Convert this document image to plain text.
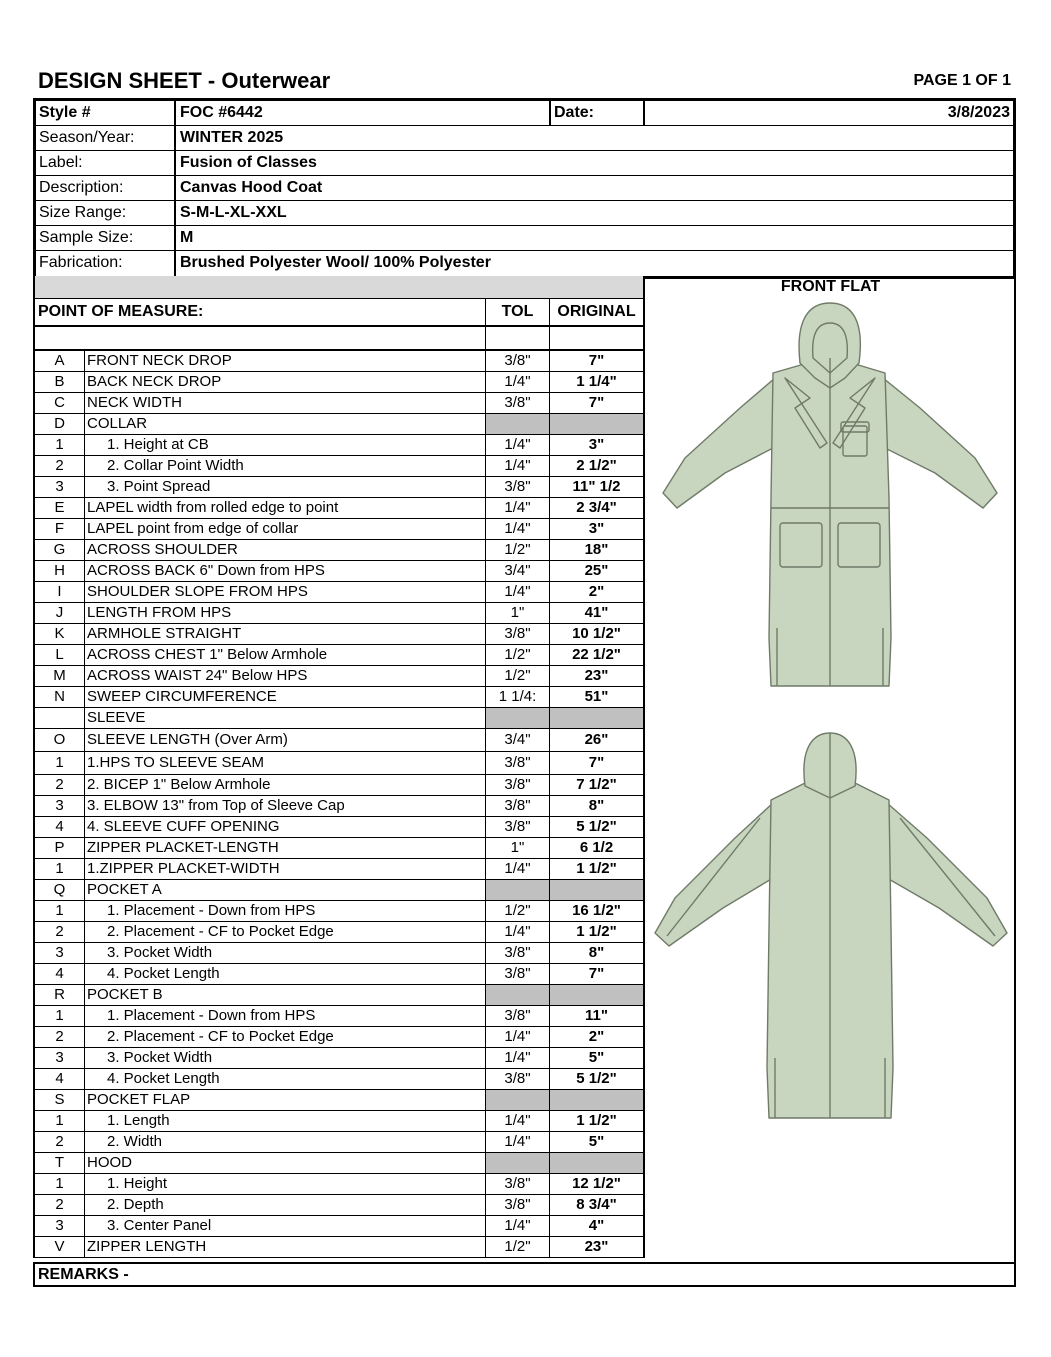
DESIGN SHEET - Outerwear	PAGE 1 OF 1
Style #	FOC #6442	Date:	3/8/2023
Season/Year:	WINTER 2025
Label:	Fusion of Classes
Description:	Canvas Hood Coat
Size Range:	S-M-L-XL-XXL
Sample Size:	M
Fabrication:	Brushed Polyester Wool/ 100% Polyester
POINT OF MEASURE:	TOL	ORIGINAL
A	FRONT NECK DROP	3/8"	7"
B	BACK NECK DROP	1/4"	1 1/4"
C	NECK WIDTH	3/8"	7"
D	COLLAR
1	1. Height at CB	1/4"	3"
2	2. Collar Point Width	1/4"	2 1/2"
3	3. Point Spread	3/8"	11" 1/2
E	LAPEL width from rolled edge to point	1/4"	2 3/4"
F	LAPEL point from edge of collar	1/4"	3"
G	ACROSS SHOULDER	1/2"	18"
H	ACROSS BACK 6" Down from HPS	3/4"	25"
I	SHOULDER SLOPE FROM HPS	1/4"	2"
J	LENGTH FROM HPS	1"	41"
K	ARMHOLE STRAIGHT	3/8"	10 1/2"
L	ACROSS CHEST 1" Below Armhole	1/2"	22 1/2"
M	ACROSS WAIST 24" Below HPS	1/2"	23"
N	SWEEP CIRCUMFERENCE	1 1/4:	51"
SLEEVE
O	SLEEVE LENGTH (Over Arm)	3/4"	26"
1	1.HPS TO SLEEVE SEAM	3/8"	7"
2	2. BICEP 1" Below Armhole	3/8"	7 1/2"
3	3. ELBOW 13" from Top of Sleeve Cap	3/8"	8"
4	4. SLEEVE CUFF OPENING	3/8"	5 1/2"
P	ZIPPER PLACKET-LENGTH	1"	6 1/2
1	1.ZIPPER PLACKET-WIDTH	1/4"	1 1/2"
Q	POCKET A
1	1. Placement - Down from HPS	1/2"	16 1/2"
2	2. Placement - CF to Pocket Edge	1/4"	1 1/2"
3	3. Pocket Width	3/8"	8"
4	4. Pocket Length	3/8"	7"
R	POCKET B
1	1. Placement - Down from HPS	3/8"	11"
2	2. Placement - CF to Pocket Edge	1/4"	2"
3	3. Pocket Width	1/4"	5"
4	4. Pocket Length	3/8"	5 1/2"
S	POCKET FLAP
1	1. Length	1/4"	1 1/2"
2	2. Width	1/4"	5"
T	HOOD
1	1. Height	3/8"	12 1/2"
2	2. Depth	3/8"	8 3/4"
3	3. Center Panel	1/4"	4"
V	ZIPPER LENGTH	1/2"	23"
FRONT FLAT
REMARKS -
